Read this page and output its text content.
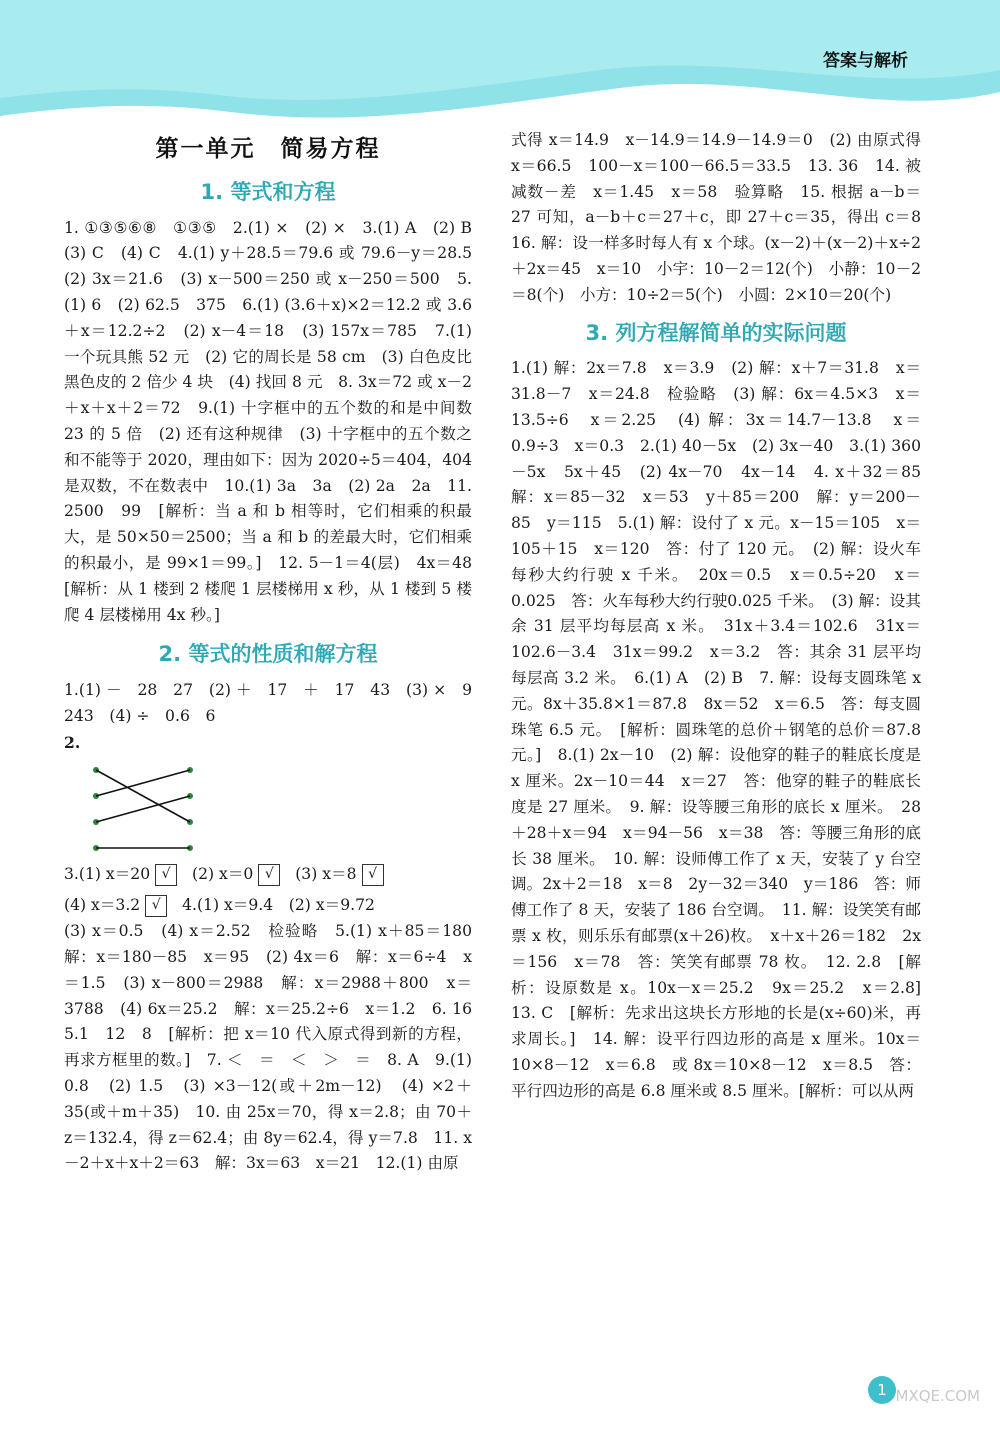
答案与解析
第一单元　简易方程
1. 等式和方程

1. ①③⑤⑥⑧　①③⑤　2.(1) ×　(2) ×　3.(1) A　(2) B　(3) C　(4) C　4.(1) y＋28.5＝79.6 或 79.6－y＝28.5　(2) 3x＝21.6　(3) x－500＝250 或 x－250＝500　5.(1) 6　(2) 62.5　375　6.(1) (3.6＋x)×2＝12.2 或 3.6＋x＝12.2÷2　(2) x－4＝18　(3) 157x＝785　7.(1) 一个玩具熊 52 元　(2) 它的周长是 58 cm　(3) 白色皮比黑色皮的 2 倍少 4 块　(4) 找回 8 元　8. 3x＝72 或 x－2＋x＋x＋2＝72　9.(1) 十字框中的五个数的和是中间数 23 的 5 倍　(2) 还有这种规律　(3) 十字框中的五个数之和不能等于 2020，理由如下：因为 2020÷5＝404，404 是双数，不在数表中　10.(1) 3a　3a　(2) 2a　2a　11. 2500　99　[解析：当 a 和 b 相等时，它们相乘的积最大，是 50×50＝2500；当 a 和 b 的差最大时，它们相乘的积最小，是 99×1＝99。]　12. 5－1＝4(层)　4x＝48　[解析：从 1 楼到 2 楼爬 1 层楼梯用 x 秒，从 1 楼到 5 楼爬 4 层楼梯用 4x 秒。]

2. 等式的性质和解方程

1.(1) －　28　27　(2) ＋　17　＋　17　43　(3) ×　9　243　(4) ÷　0.6　6

2.

3.(1) x＝20 √ (2) x＝0 √ (3) x＝8 √

(4) x＝3.2 √ 4.(1) x＝9.4　(2) x＝9.72

(3) x＝0.5　(4) x＝2.52　检验略　5.(1) x＋85＝180　解：x＝180－85　x＝95　(2) 4x＝6　解：x＝6÷4　x＝1.5　(3) x－800＝2988　解：x＝2988＋800　x＝3788　(4) 6x＝25.2　解：x＝25.2÷6　x＝1.2　6. 16　5.1　12　8　[解析：把 x＝10 代入原式得到新的方程，再求方框里的数。]　7. ＜　＝　＜　＞　＝　8. A　9.(1) 0.8　(2) 1.5　(3) ×3－12(或＋2m－12)　(4) ×2＋35(或＋m＋35)　10. 由 25x＝70，得 x＝2.8；由 70＋z＝132.4，得 z＝62.4；由 8y＝62.4，得 y＝7.8　11. x－2＋x＋x＋2＝63　解：3x＝63　x＝21　12.(1) 由原

式得 x＝14.9　x－14.9＝14.9－14.9＝0　(2) 由原式得 x＝66.5　100－x＝100－66.5＝33.5　13. 36　14. 被减数－差　x＝1.45　x＝58　验算略　15. 根据 a－b＝27 可知，a－b＋c＝27＋c，即 27＋c＝35，得出 c＝8　16. 解：设一样多时每人有 x 个球。(x－2)＋(x－2)＋x÷2＋2x＝45　x＝10　小宇：10－2＝12(个)　小静：10－2＝8(个)　小方：10÷2＝5(个)　小圆：2×10＝20(个)

3. 列方程解简单的实际问题

1.(1) 解：2x＝7.8　x＝3.9　(2) 解：x＋7＝31.8　x＝31.8－7　x＝24.8　检验略　(3) 解：6x＝4.5×3　x＝13.5÷6　x＝2.25　(4) 解：3x＝14.7－13.8　x＝0.9÷3　x＝0.3　2.(1) 40－5x　(2) 3x－40　3.(1) 360－5x　5x＋45　(2) 4x－70　4x－14　4. x＋32＝85　解：x＝85－32　x＝53　y＋85＝200　解：y＝200－85　y＝115　5.(1) 解：设付了 x 元。x－15＝105　x＝105＋15　x＝120　答：付了 120 元。　(2) 解：设火车每秒大约行驶 x 千米。　20x＝0.5　x＝0.5÷20　x＝0.025　答：火车每秒大约行驶0.025 千米。　(3) 解：设其余 31 层平均每层高 x 米。　31x＋3.4＝102.6　31x＝102.6－3.4　31x＝99.2　x＝3.2　答：其余 31 层平均每层高 3.2 米。　6.(1) A　(2) B　7. 解：设每支圆珠笔 x 元。8x＋35.8×1＝87.8　8x＝52　x＝6.5　答：每支圆珠笔 6.5 元。　[解析：圆珠笔的总价＋钢笔的总价＝87.8 元。]　8.(1) 2x－10　(2) 解：设他穿的鞋子的鞋底长度是 x 厘米。2x－10＝44　x＝27　答：他穿的鞋子的鞋底长度是 27 厘米。　9. 解：设等腰三角形的底长 x 厘米。　28＋28＋x＝94　x＝94－56　x＝38　答：等腰三角形的底长 38 厘米。　10. 解：设师傅工作了 x 天，安装了 y 台空调。2x＋2＝18　x＝8　2y－32＝340　y＝186　答：师傅工作了 8 天，安装了 186 台空调。　11. 解：设笑笑有邮票 x 枚，则乐乐有邮票(x＋26)枚。　x＋x＋26＝182　2x＝156　x＝78　答：笑笑有邮票 78 枚。　12. 2.8　[解析：设原数是 x。10x－x＝25.2　9x＝25.2　x＝2.8]　13. C　[解析：先求出这块长方形地的长是(x÷60)米，再求周长。]　14. 解：设平行四边形的高是 x 厘米。10x＝10×8－12　x＝6.8　或 8x＝10×8－12　x＝8.5　答：平行四边形的高是 6.8 厘米或 8.5 厘米。[解析：可以从两

MXQE.COM
1
